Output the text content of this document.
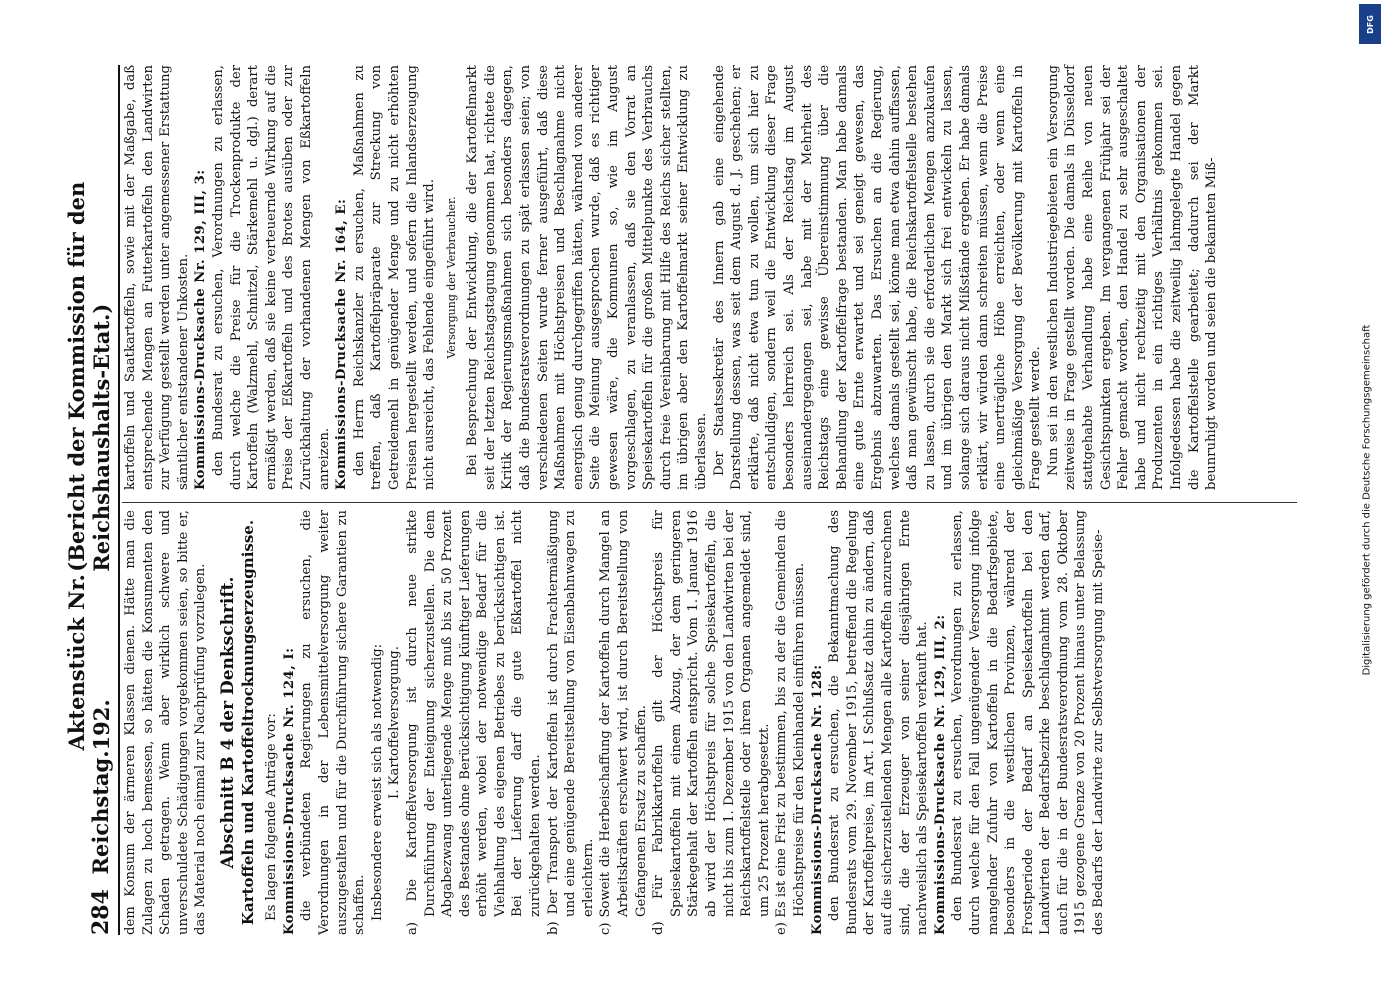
284  Reichstag.
Aktenstück Nr. 192.
(Bericht der Kommission für den Reichshaushalts-Etat.)

dem Konsum der ärmeren Klassen dienen. Hätte man die Zulagen zu hoch bemessen, so hätten die Konsumenten den Schaden getragen. Wenn aber wirklich schwere und unverschuldete Schädigungen vorgekommen seien, so bitte er, das Material noch einmal zur Nachprüfung vorzulegen. Abschnitt B 4 der Denkschrift. Kartoffeln und Kartoffeltrocknungserzeugnisse. Es lagen folgende Anträge vor: Kommissions-Drucksache Nr. 124, I: die verbündeten Regierungen zu ersuchen, die Verordnungen in der Lebensmittelversorgung weiter auszugestalten und für die Durchführung sichere Garantien zu schaffen. Insbesondere erweist sich als notwendig: I. Kartoffelversorgung. a) Die Kartoffelversorgung ist durch neue strikte Durchführung der Enteignung sicherzustellen. Die dem Abgabezwang unterliegende Menge muß bis zu 50 Prozent des Bestandes ohne Berücksichtigung künftiger Lieferungen erhöht werden, wobei der notwendige Bedarf für die Viehhaltung des eigenen Betriebes zu berücksichtigen ist. Bei der Lieferung darf die gute Eßkartoffel nicht zurückgehalten werden. b) Der Transport der Kartoffeln ist durch Frachtermäßigung und eine genügende Bereitstellung von Eisenbahnwagen zu erleichtern. c) Soweit die Herbeischaffung der Kartoffeln durch Mangel an Arbeitskräften erschwert wird, ist durch Bereitstellung von Gefangenen Ersatz zu schaffen. d) Für Fabrikkartoffeln gilt der Höchstpreis für Speisekartoffeln mit einem Abzug, der dem geringeren Stärkegehalt der Kartoffeln entspricht. Vom 1. Januar 1916 ab wird der Höchstpreis für solche Speisekartoffeln, die nicht bis zum 1. Dezember 1915 von den Landwirten bei der Reichskartoffelstelle oder ihren Organen angemeldet sind, um 25 Prozent herabgesetzt. e) Es ist eine Frist zu bestimmen, bis zu der die Gemeinden die Höchstpreise für den Kleinhandel einführen müssen. Kommissions-Drucksache Nr. 128: den Bundesrat zu ersuchen, die Bekanntmachung des Bundesrats vom 29. November 1915, betreffend die Regelung der Kartoffelpreise, im Art. I Schlußsatz dahin zu ändern, daß auf die sicherzustellenden Mengen alle Kartoffeln anzurechnen sind, die der Erzeuger von seiner diesjährigen Ernte nachweislich als Speisekartoffeln verkauft hat. Kommissions-Drucksache Nr. 129, III, 2: den Bundesrat zu ersuchen, Verordnungen zu erlassen, durch welche für den Fall ungenügender Versorgung infolge mangelnder Zufuhr von Kartoffeln in die Bedarfsgebiete, besonders in die westlichen Provinzen, während der Frostperiode der Bedarf an Speisekartoffeln bei den Landwirten der Bedarfsbezirke beschlagnahmt werden darf, auch für die in der Bundesratsverordnung vom 28. Oktober 1915 gezogene Grenze von 20 Prozent hinaus unter Belassung des Bedarfs der Landwirte zur Selbstversorgung mit Speise-

kartoffeln und Saatkartoffeln, sowie mit der Maßgabe, daß entsprechende Mengen an Futterkartoffeln den Landwirten zur Verfügung gestellt werden unter angemessener Erstattung sämtlicher entstandener Unkosten. Kommissions-Drucksache Nr. 129, III, 3: den Bundesrat zu ersuchen, Verordnungen zu erlassen, durch welche die Preise für die Trockenprodukte der Kartoffeln (Walzmehl, Schnitzel, Stärkemehl u. dgl.) derart ermäßigt werden, daß sie keine verteuernde Wirkung auf die Preise der Eßkartoffeln und des Brotes ausüben oder zur Zurückhaltung der vorhandenen Mengen von Eßkartoffeln anreizen. Kommissions-Drucksache Nr. 164, E: den Herrn Reichskanzler zu ersuchen, Maßnahmen zu treffen, daß Kartoffelpräparate zur Streckung von Getreidemehl in genügender Menge und zu nicht erhöhten Preisen hergestellt werden, und sofern die Inlandserzeugung nicht ausreicht, das Fehlende eingeführt wird. Versorgung der Verbraucher. Bei Besprechung der Entwicklung, die der Kartoffelmarkt seit der letzten Reichstagstagung genommen hat, richtete die Kritik der Regierungsmaßnahmen sich besonders dagegen, daß die Bundesratsverordnungen zu spät erlassen seien; von verschiedenen Seiten wurde ferner ausgeführt, daß diese Maßnahmen mit Höchstpreisen und Beschlagnahme nicht energisch genug durchgegriffen hätten, während von anderer Seite die Meinung ausgesprochen wurde, daß es richtiger gewesen wäre, die Kommunen so, wie im August vorgeschlagen, zu veranlassen, daß sie den Vorrat an Speisekartoffeln für die großen Mittelpunkte des Verbrauchs durch freie Vereinbarung mit Hilfe des Reichs sicher stellten, im übrigen aber den Kartoffelmarkt seiner Entwicklung zu überlassen. Der Staatssekretär des Innern gab eine eingehende Darstellung dessen, was seit dem August d. J. geschehen; er erklärte, daß nicht etwa tun zu wollen, um sich hier zu entschuldigen, sondern weil die Entwicklung dieser Frage besonders lehrreich sei. Als der Reichstag im August auseinandergegangen sei, habe mit der Mehrheit des Reichstags eine gewisse Übereinstimmung über die Behandlung der Kartoffelfrage bestanden. Man habe damals eine gute Ernte erwartet und sei geneigt gewesen, das Ergebnis abzuwarten. Das Ersuchen an die Regierung, welches damals gestellt sei, könne man etwa dahin auffassen, daß man gewünscht habe, die Reichskartoffelstelle bestehen zu lassen, durch sie die erforderlichen Mengen anzukaufen und im übrigen den Markt sich frei entwickeln zu lassen, solange sich daraus nicht Mißstände ergeben. Er habe damals erklärt, wir würden dann schreiten müssen, wenn die Preise eine unerträgliche Höhe erreichten, oder wenn eine gleichmäßige Versorgung der Bevölkerung mit Kartoffeln in Frage gestellt werde. Nun sei in den westlichen Industriegebieten ein Versorgung zeitweise in Frage gestellt worden. Die damals in Düsseldorf stattgehabte Verhandlung habe eine Reihe von neuen Gesichtspunkten ergeben. Im vergangenen Frühjahr sei der Fehler gemacht worden, den Handel zu sehr ausgeschaltet habe und nicht rechtzeitig mit den Organisationen der Produzenten in ein richtiges Verhältnis gekommen sei. Infolgedessen habe die zeitweilig lahmgelegte Handel gegen die Kartoffelstelle gearbeitet; dadurch sei der Markt beunruhigt worden und seien die bekannten Miß-

Digitalisierung gefördert durch die Deutsche Forschungsgemeinschaft
DFG
